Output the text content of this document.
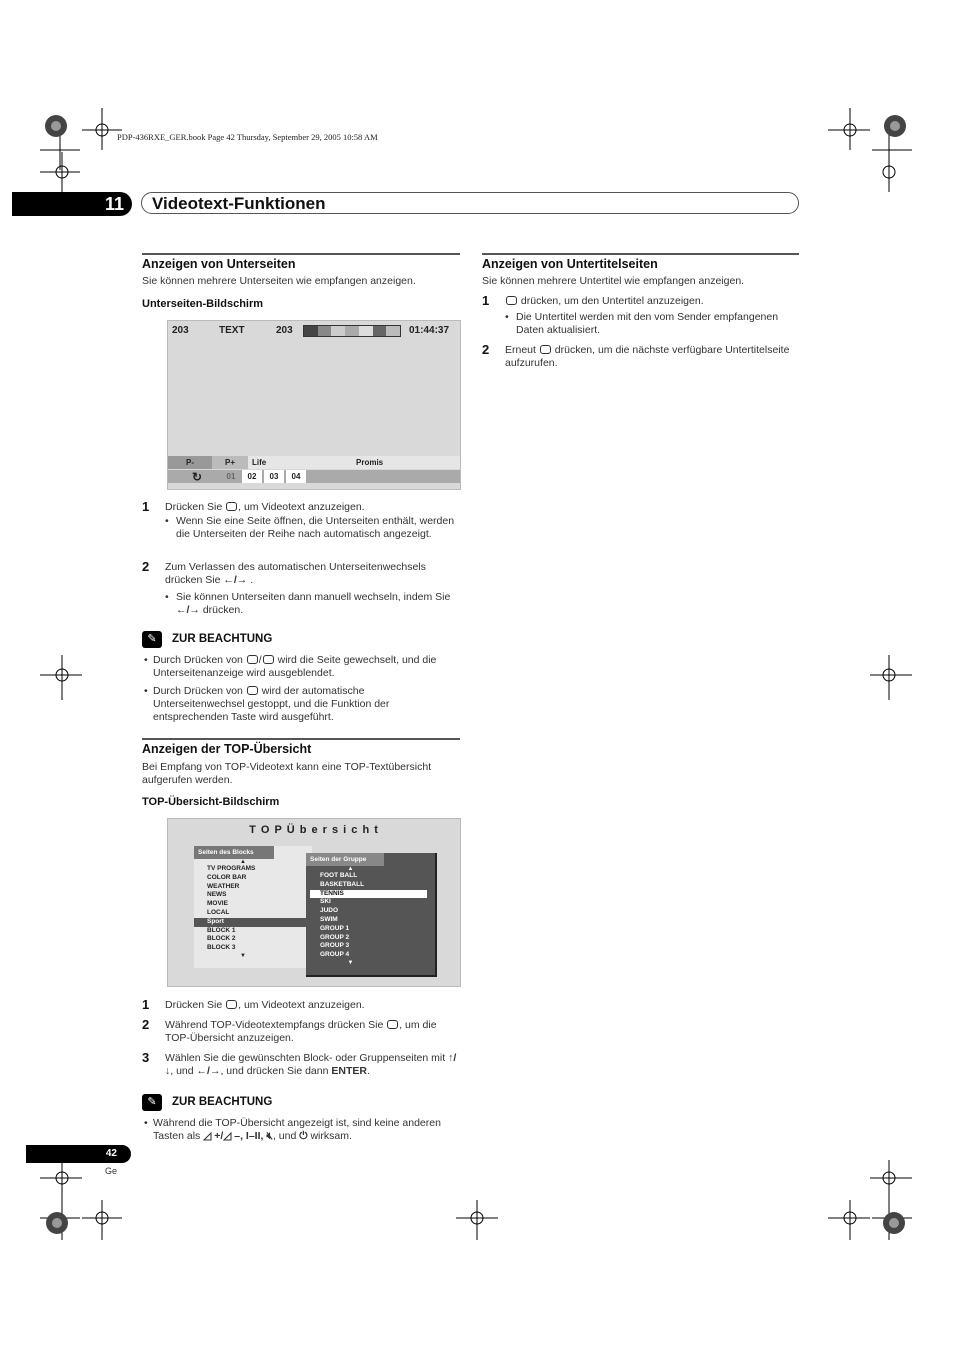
PDP-436RXE_GER.book Page 42 Thursday, September 29, 2005 10:58 AM
11	Videotext-Funktionen
Anzeigen von Unterseiten
Sie können mehrere Unterseiten wie empfangen anzeigen.
Unterseiten-Bildschirm
203	TEXT	203	01:44:37
P-	P+	Life	Promis
↻	01	02	03	04
1 Drücken Sie , um Videotext anzuzeigen.
• Wenn Sie eine Seite öffnen, die Unterseiten enthält, werden die Unterseiten der Reihe nach automatisch angezeigt.
2 Zum Verlassen des automatischen Unterseitenwechsels drücken Sie ←/→ .
• Sie können Unterseiten dann manuell wechseln, indem Sie ←/→ drücken.
✎	ZUR BEACHTUNG
• Durch Drücken von / wird die Seite gewechselt, und die Unterseitenanzeige wird ausgeblendet.
• Durch Drücken von wird der automatische Unterseitenwechsel gestoppt, und die Funktion der entsprechenden Taste wird ausgeführt.
Anzeigen der TOP-Übersicht
Bei Empfang von TOP-Videotext kann eine TOP-Textübersicht aufgerufen werden.
TOP-Übersicht-Bildschirm
T O P Ü b e r s i c h t
Seiten des Blocks
▲
TV PROGRAMS
COLOR BAR
WEATHER
NEWS
MOVIE
LOCAL
Sport
BLOCK 1
BLOCK 2
BLOCK 3
▼
Seiten der Gruppe
▲
FOOT BALL
BASKETBALL
TENNIS
SKI
JUDO
SWIM
GROUP 1
GROUP 2
GROUP 3
GROUP 4
▼
1 Drücken Sie , um Videotext anzuzeigen.
2 Während TOP-Videotextempfangs drücken Sie , um die TOP-Übersicht anzuzeigen.
3 Wählen Sie die gewünschten Block- oder Gruppenseiten mit ↑/↓, und ←/→, und drücken Sie dann ENTER.
✎	ZUR BEACHTUNG
• Während die TOP-Übersicht angezeigt ist, sind keine anderen Tasten als ◿ +/◿ –, I–II, 🔇︎, und ⏻ wirksam.
Anzeigen von Untertitelseiten
Sie können mehrere Untertitel wie empfangen anzeigen.
1	drücken, um den Untertitel anzuzeigen.
• Die Untertitel werden mit den vom Sender empfangenen Daten aktualisiert.
2 Erneut drücken, um die nächste verfügbare Untertitelseite aufzurufen.
42
Ge
